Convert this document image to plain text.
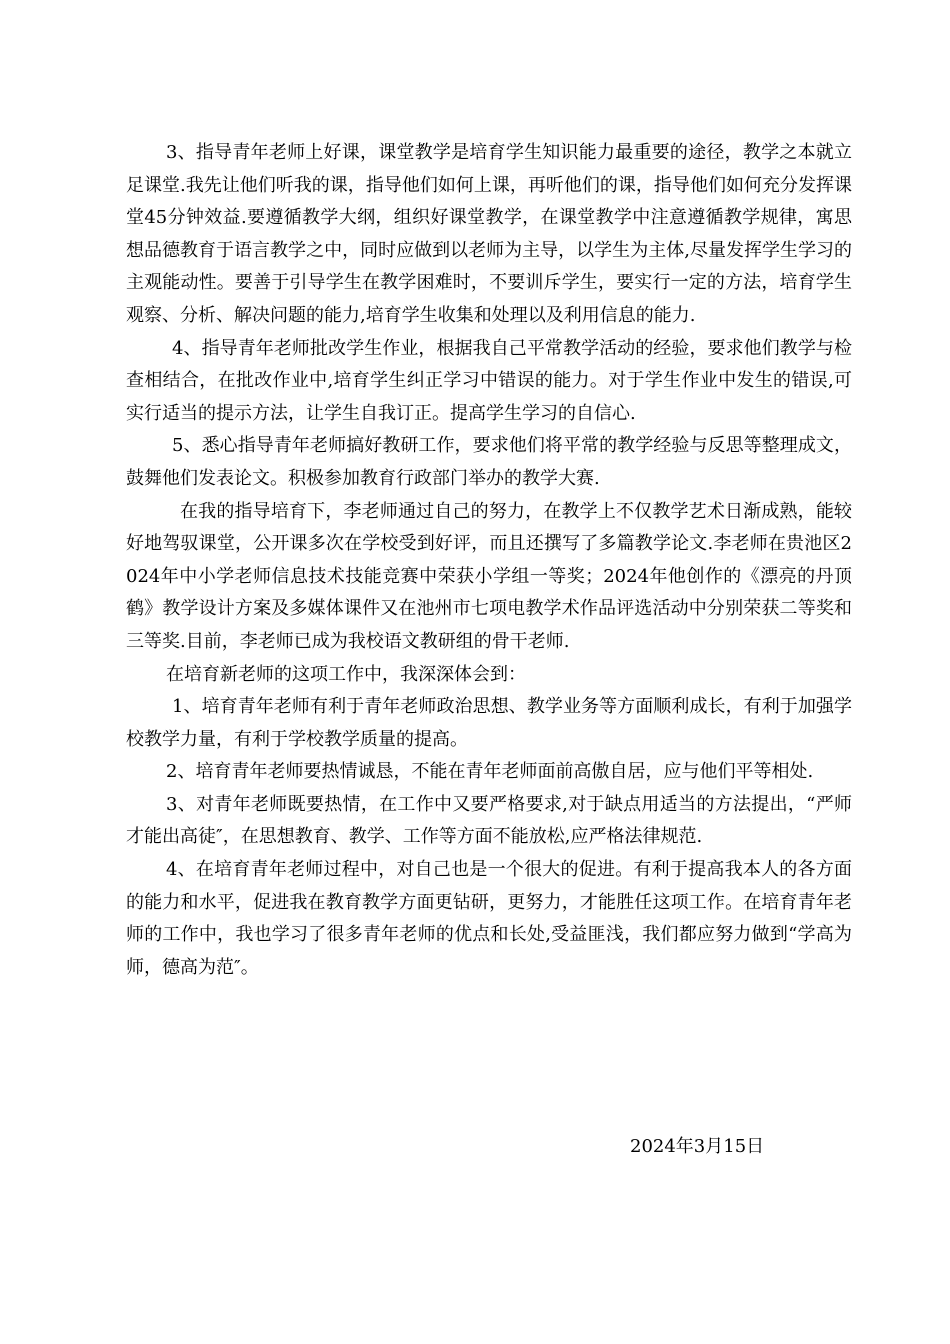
3、指导青年老师上好课，课堂教学是培育学生知识能力最重要的途径，教学之本就立足课堂.我先让他们听我的课，指导他们如何上课，再听他们的课，指导他们如何充分发挥课堂45分钟效益.要遵循教学大纲，组织好课堂教学，在课堂教学中注意遵循教学规律，寓思想品德教育于语言教学之中，同时应做到以老师为主导，以学生为主体,尽量发挥学生学习的主观能动性。要善于引导学生在教学困难时，不要训斥学生，要实行一定的方法，培育学生观察、分析、解决问题的能力,培育学生收集和处理以及利用信息的能力.

4、指导青年老师批改学生作业，根据我自己平常教学活动的经验，要求他们教学与检查相结合，在批改作业中,培育学生纠正学习中错误的能力。对于学生作业中发生的错误,可实行适当的提示方法，让学生自我订正。提高学生学习的自信心.

5、悉心指导青年老师搞好教研工作，要求他们将平常的教学经验与反思等整理成文，鼓舞他们发表论文。积极参加教育行政部门举办的教学大赛.

在我的指导培育下，李老师通过自己的努力，在教学上不仅教学艺术日渐成熟，能较好地驾驭课堂，公开课多次在学校受到好评，而且还撰写了多篇教学论文.李老师在贵池区2024年中小学老师信息技术技能竞赛中荣获小学组一等奖；2024年他创作的《漂亮的丹顶鹤》教学设计方案及多媒体课件又在池州市七项电教学术作品评选活动中分别荣获二等奖和三等奖.目前，李老师已成为我校语文教研组的骨干老师.

在培育新老师的这项工作中，我深深体会到：

1、培育青年老师有利于青年老师政治思想、教学业务等方面顺利成长，有利于加强学校教学力量，有利于学校教学质量的提高。

2、培育青年老师要热情诚恳，不能在青年老师面前高傲自居，应与他们平等相处.

3、对青年老师既要热情，在工作中又要严格要求,对于缺点用适当的方法提出，“严师才能出高徒″，在思想教育、教学、工作等方面不能放松,应严格法律规范.

4、在培育青年老师过程中，对自己也是一个很大的促进。有利于提高我本人的各方面的能力和水平，促进我在教育教学方面更钻研，更努力，才能胜任这项工作。在培育青年老师的工作中，我也学习了很多青年老师的优点和长处,受益匪浅，我们都应努力做到“学高为师，德高为范″。

2024年3月15日
